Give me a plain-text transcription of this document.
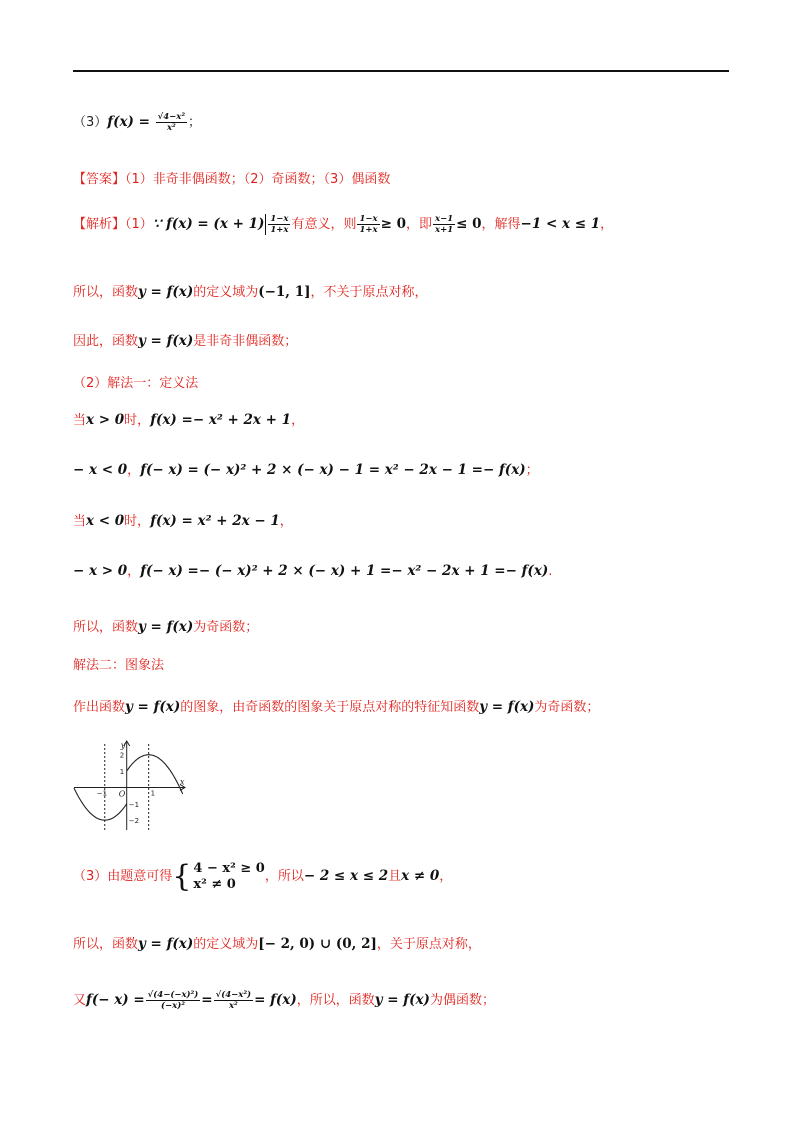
$(3)f(x) = \frac{\text{√4−x²}}{\text{x²}}$ ；
【答案】（1）非奇非偶函数；（2）奇函数；（3）偶函数
【解析】（1）∵ $f(x) = (x + 1) \frac{1-x}{1+x}$ 有意义，则 $\frac{1-x}{1+x} \ge 0$，即 $\frac{x-1}{x+1} \le 0$，解得−1 < x ≤ 1，
所以，函数y = f(x)的定义域为(−1, 1]，不关于原点对称，
因此，函数y = f(x)是非奇非偶函数；
（2）解法一：定义法
当x > 0时，f(x) =− x² + 2x + 1，
− x < 0，f(− x) = (− x)² + 2 × (− x) − 1 = x² − 2x − 1 =− f(x)；
当x < 0时，f(x) = x² + 2x − 1，
− x > 0，f(− x) =− (− x)² + 2 × (− x) + 1 =− x² − 2x + 1 =− f(x).
所以，函数y = f(x)为奇函数；
解法二：图象法
作出函数y = f(x)的图象，由奇函数的图象关于原点对称的特征知函数y = f(x)为奇函数；
y
x
O
2
1
−1
−2
−1	1
（3）由题意可得{ 4 − x² ≥ 0
x² ≠ 0	，所以− 2 ≤ x ≤ 2且x ≠ 0，
所以，函数y = f(x)的定义域为[− 2, 0) ∪ (0, 2]，关于原点对称，
又$f(- x) = \frac{\text{√(4−(−x)²)}}{\text{(−x)²}} = \frac{\text{√(4−x²)}}{\text{x²}} = f(x)$，所以，函数y = f(x)为偶函数；
